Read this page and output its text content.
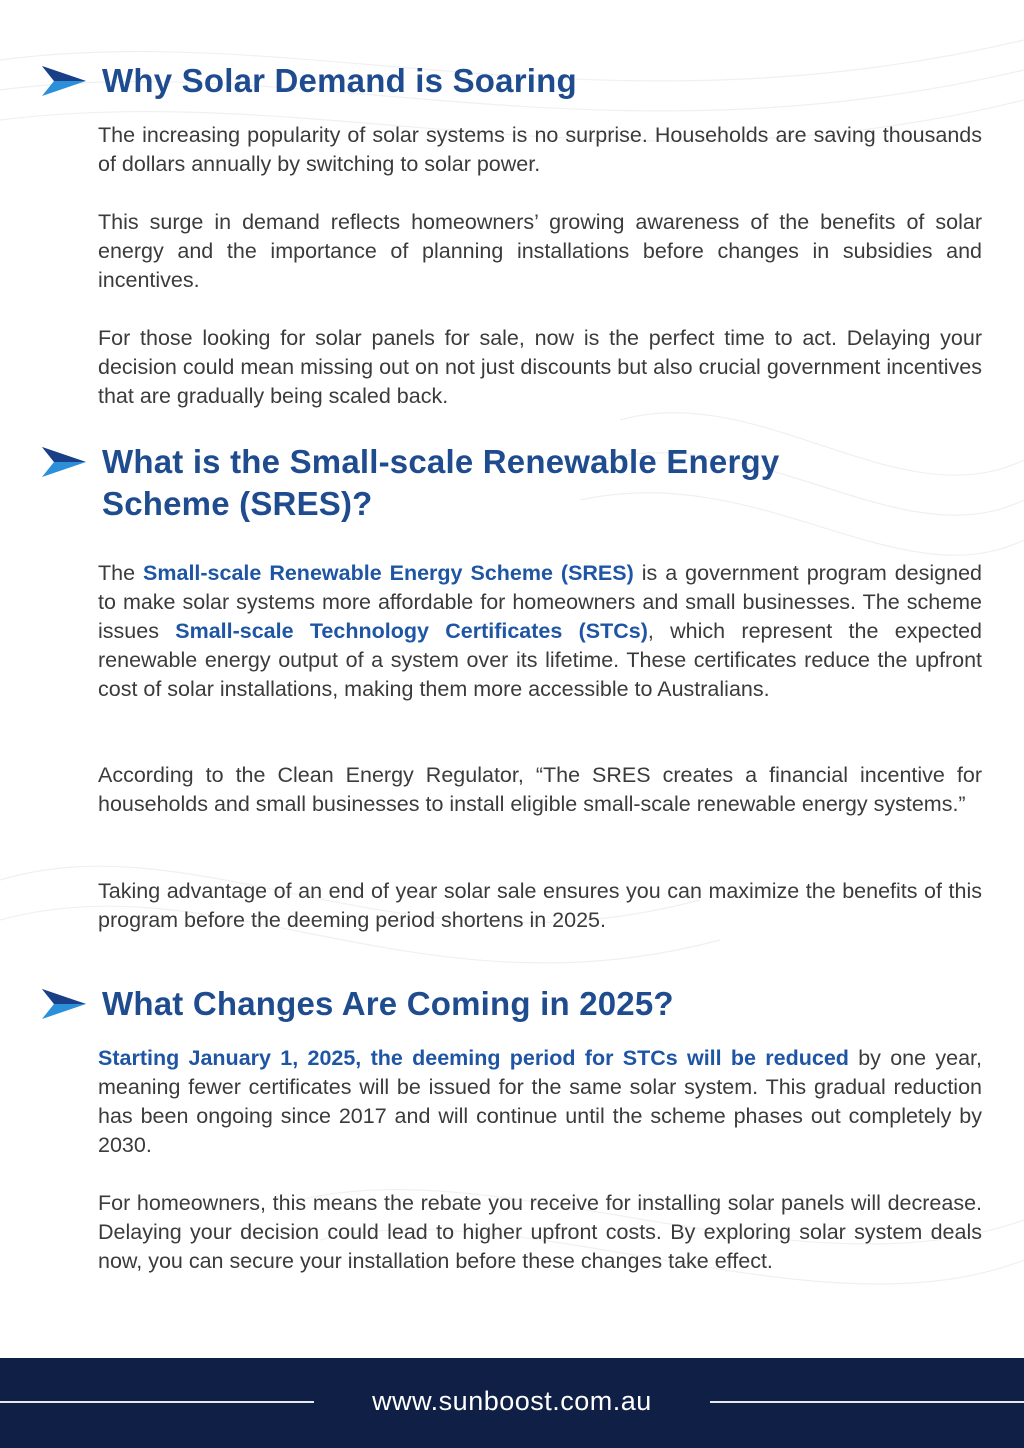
Why Solar Demand is Soaring

The increasing popularity of solar systems is no surprise. Households are saving thousands of dollars annually by switching to solar power.

This surge in demand reflects homeowners’ growing awareness of the benefits of solar energy and the importance of planning installations before changes in subsidies and incentives.

For those looking for solar panels for sale, now is the perfect time to act. Delaying your decision could mean missing out on not just discounts but also crucial government incentives that are gradually being scaled back.

What is the Small-scale Renewable Energy Scheme (SRES)?

The Small-scale Renewable Energy Scheme (SRES) is a government program designed to make solar systems more affordable for homeowners and small businesses. The scheme issues Small-scale Technology Certificates (STCs), which represent the expected renewable energy output of a system over its lifetime. These certificates reduce the upfront cost of solar installations, making them more accessible to Australians.

According to the Clean Energy Regulator, “The SRES creates a financial incentive for households and small businesses to install eligible small-scale renewable energy systems.”

Taking advantage of an end of year solar sale ensures you can maximize the benefits of this program before the deeming period shortens in 2025.

What Changes Are Coming in 2025?

Starting January 1, 2025, the deeming period for STCs will be reduced by one year, meaning fewer certificates will be issued for the same solar system. This gradual reduction has been ongoing since 2017 and will continue until the scheme phases out completely by 2030.

For homeowners, this means the rebate you receive for installing solar panels will decrease. Delaying your decision could lead to higher upfront costs. By exploring solar system deals now, you can secure your installation before these changes take effect.

www.sunboost.com.au
